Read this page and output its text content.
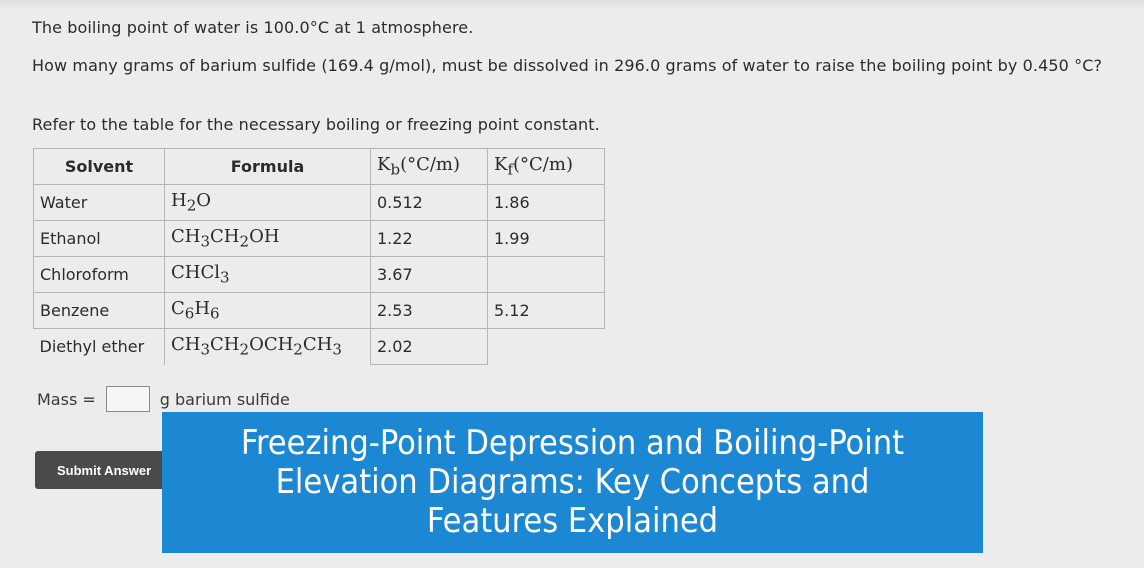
The boiling point of water is 100.0°C at 1 atmosphere.
How many grams of barium sulfide (169.4 g/mol), must be dissolved in 296.0 grams of water to raise the boiling point by 0.450 °C?
Refer to the table for the necessary boiling or freezing point constant.
Solvent	Formula	$K_b(^\circ C/m)$	$K_f(^\circ C/m)$
Water	$H_2O$	0.512	1.86
Ethanol	$CH_3CH_2OH$	1.22	1.99
Chloroform	CHCl$_3$	3.67	
Benzene	$C_6H_6$	2.53	5.12
Diethyl ether	$CH_3CH_2OCH_2CH_3$	2.02	
Mass =	g barium sulfide
Submit Answer
Freezing-Point Depression and Boiling-Point Elevation Diagrams: Key Concepts and Features Explained
